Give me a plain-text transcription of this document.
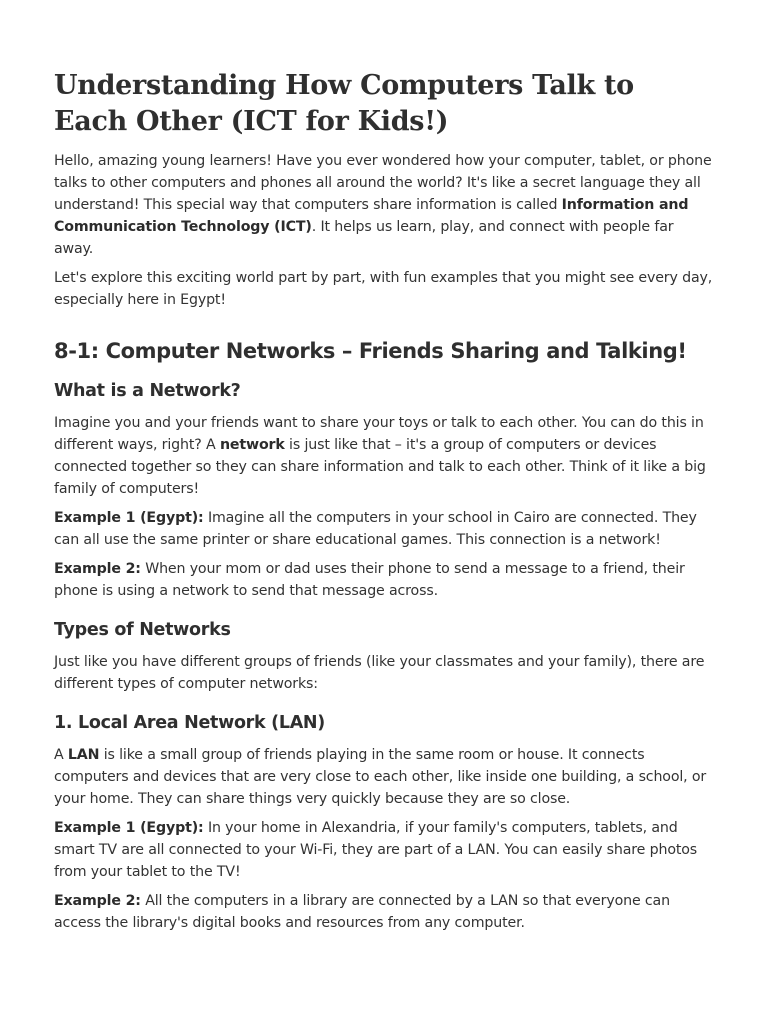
Understanding How Computers Talk to Each Other (ICT for Kids!)

Hello, amazing young learners! Have you ever wondered how your computer, tablet, or phone talks to other computers and phones all around the world? It's like a secret language they all understand! This special way that computers share information is called Information and Communication Technology (ICT). It helps us learn, play, and connect with people far away.

Let's explore this exciting world part by part, with fun examples that you might see every day, especially here in Egypt!

8-1: Computer Networks – Friends Sharing and Talking!
What is a Network?

Imagine you and your friends want to share your toys or talk to each other. You can do this in different ways, right? A network is just like that – it's a group of computers or devices connected together so they can share information and talk to each other. Think of it like a big family of computers!

Example 1 (Egypt): Imagine all the computers in your school in Cairo are connected. They can all use the same printer or share educational games. This connection is a network!

Example 2: When your mom or dad uses their phone to send a message to a friend, their phone is using a network to send that message across.

Types of Networks

Just like you have different groups of friends (like your classmates and your family), there are different types of computer networks:

1. Local Area Network (LAN)

A LAN is like a small group of friends playing in the same room or house. It connects computers and devices that are very close to each other, like inside one building, a school, or your home. They can share things very quickly because they are so close.

Example 1 (Egypt): In your home in Alexandria, if your family's computers, tablets, and smart TV are all connected to your Wi-Fi, they are part of a LAN. You can easily share photos from your tablet to the TV!

Example 2: All the computers in a library are connected by a LAN so that everyone can access the library's digital books and resources from any computer.
